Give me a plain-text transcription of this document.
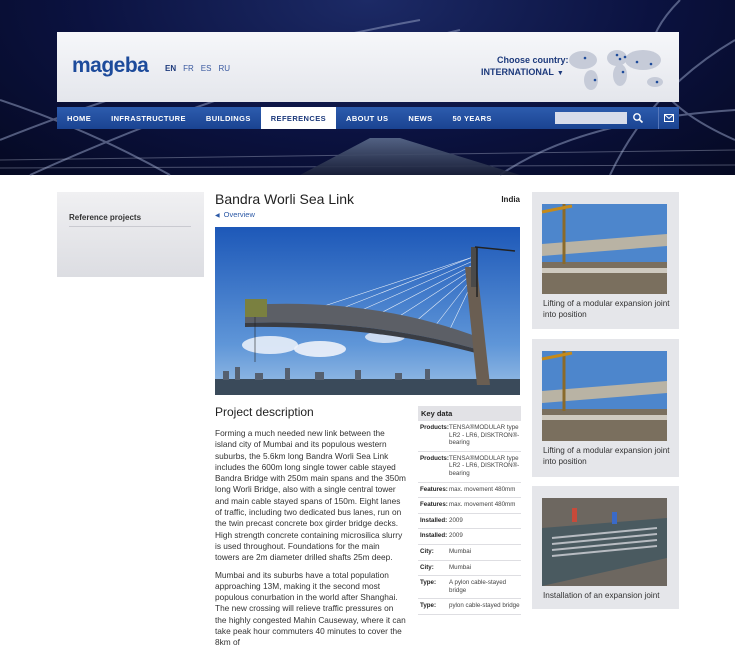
mageba EN FR ES RU
Choose country:
INTERNATIONAL ▼
HOME	INFRASTRUCTURE	BUILDINGS	REFERENCES	ABOUT US	NEWS	50 YEARS
Reference projects
Bandra Worli Sea Link	India
◀ Overview
Project description

Forming a much needed new link between the island city of Mumbai and its populous western suburbs, the 5.6km long Bandra Worli Sea Link includes the 600m long single tower cable stayed Bandra Bridge with 250m main spans and the 350m long Worli Bridge, also with a single central tower and main cable stayed spans of 150m. Eight lanes of traffic, including two dedicated bus lanes, run on the twin precast concrete box girder bridge decks. High strength concrete containing microsilica slurry is used throughout. Foundations for the main towers are 2m diameter drilled shafts 25m deep.

Mumbai and its suburbs have a total population approaching 13M, making it the second most populous conurbation in the world after Shanghai. The new crossing will relieve traffic pressures on the highly congested Mahin Causeway, where it can take peak hour commuters 40 minutes to cover the 8km of

Key data
Products: TENSA®MODULAR type LR2 - LR6, DISKTRON®-bearing
Products: TENSA®MODULAR type LR2 - LR6, DISKTRON®-bearing
Features: max. movement 480mm
Features: max. movement 480mm
Installed: 2009
Installed: 2009
City:	Mumbai
City:	Mumbai
Type:	A pylon cable-stayed bridge
Type:	pylon cable-stayed bridge
Lifting of a modular expansion joint into position
Lifting of a modular expansion joint into position
Installation of an expansion joint
